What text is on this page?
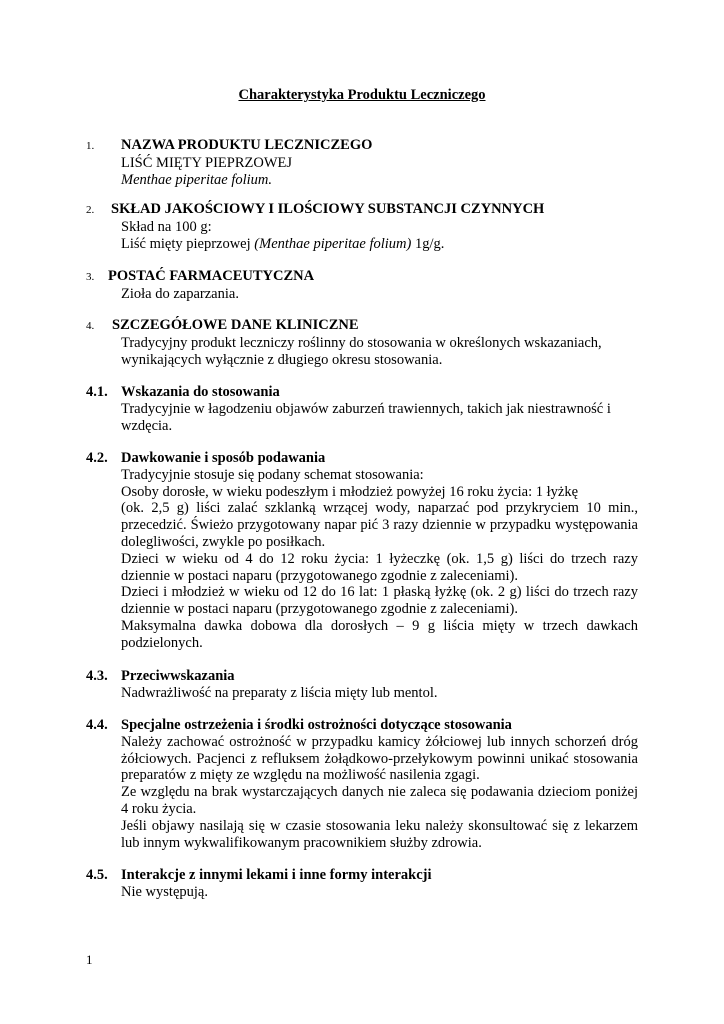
Charakterystyka Produktu Leczniczego
1.	NAZWA PRODUKTU LECZNICZEGO
LIŚĆ MIĘTY PIEPRZOWEJ
Menthae piperitae folium.
2.	SKŁAD JAKOŚCIOWY I ILOŚCIOWY SUBSTANCJI CZYNNYCH
Skład na 100 g:
Liść mięty pieprzowej (Menthae piperitae folium) 1g/g.
3. POSTAĆ FARMACEUTYCZNA
Zioła do zaparzania.
4.	SZCZEGÓŁOWE DANE KLINICZNE
Tradycyjny produkt leczniczy roślinny do stosowania w określonych wskazaniach, wynikających wyłącznie z długiego okresu stosowania.
4.1. Wskazania do stosowania
Tradycyjnie w łagodzeniu objawów zaburzeń trawiennych, takich jak niestrawność i wzdęcia.
4.2. Dawkowanie i sposób podawania
Tradycyjnie stosuje się podany schemat stosowania:
Osoby dorosłe, w wieku podeszłym i młodzież powyżej 16 roku życia: 1 łyżkę
(ok. 2,5 g) liści zalać szklanką wrzącej wody, naparzać pod przykryciem 10 min., przecedzić. Świeżo przygotowany napar pić 3 razy dziennie w przypadku występowania dolegliwości, zwykle po posiłkach.
Dzieci w wieku od 4 do 12 roku życia: 1 łyżeczkę (ok. 1,5 g) liści do trzech razy dziennie w postaci naparu (przygotowanego zgodnie z zaleceniami).
Dzieci i młodzież w wieku od 12 do 16 lat: 1 płaską łyżkę (ok. 2 g) liści do trzech razy dziennie w postaci naparu (przygotowanego zgodnie z zaleceniami).
Maksymalna dawka dobowa dla dorosłych – 9 g liścia mięty w trzech dawkach podzielonych.
4.3. Przeciwwskazania
Nadwrażliwość na preparaty z liścia mięty lub mentol.
4.4. Specjalne ostrzeżenia i środki ostrożności dotyczące stosowania
Należy zachować ostrożność w przypadku kamicy żółciowej lub innych schorzeń dróg żółciowych. Pacjenci z refluksem żołądkowo-przełykowym powinni unikać stosowania preparatów z mięty ze względu na możliwość nasilenia zgagi.
Ze względu na brak wystarczających danych nie zaleca się podawania dzieciom poniżej 4 roku życia.
Jeśli objawy nasilają się w czasie stosowania leku należy skonsultować się z lekarzem lub innym wykwalifikowanym pracownikiem służby zdrowia.
4.5. Interakcje z innymi lekami i inne formy interakcji
Nie występują.
1
